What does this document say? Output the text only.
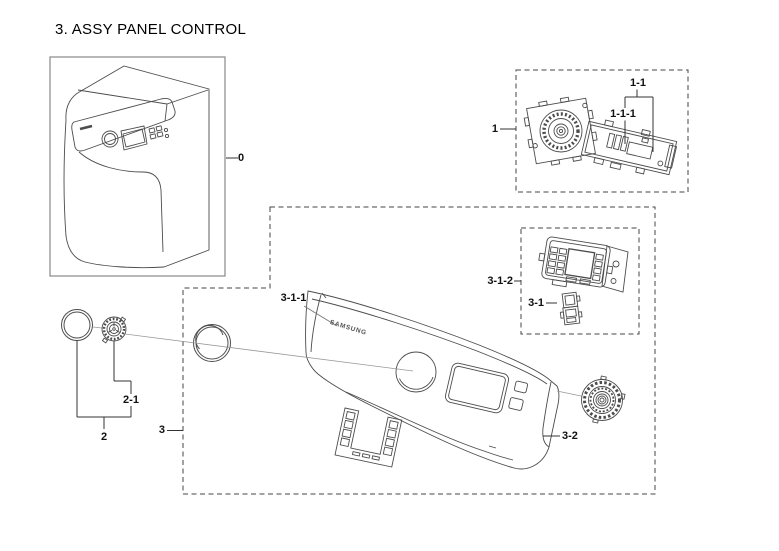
3. ASSY PANEL CONTROL
SAMSUNG
0
1
1-1
1-1-1
2
2-1
3
3-1
3-1-1
3-1-2
3-2
